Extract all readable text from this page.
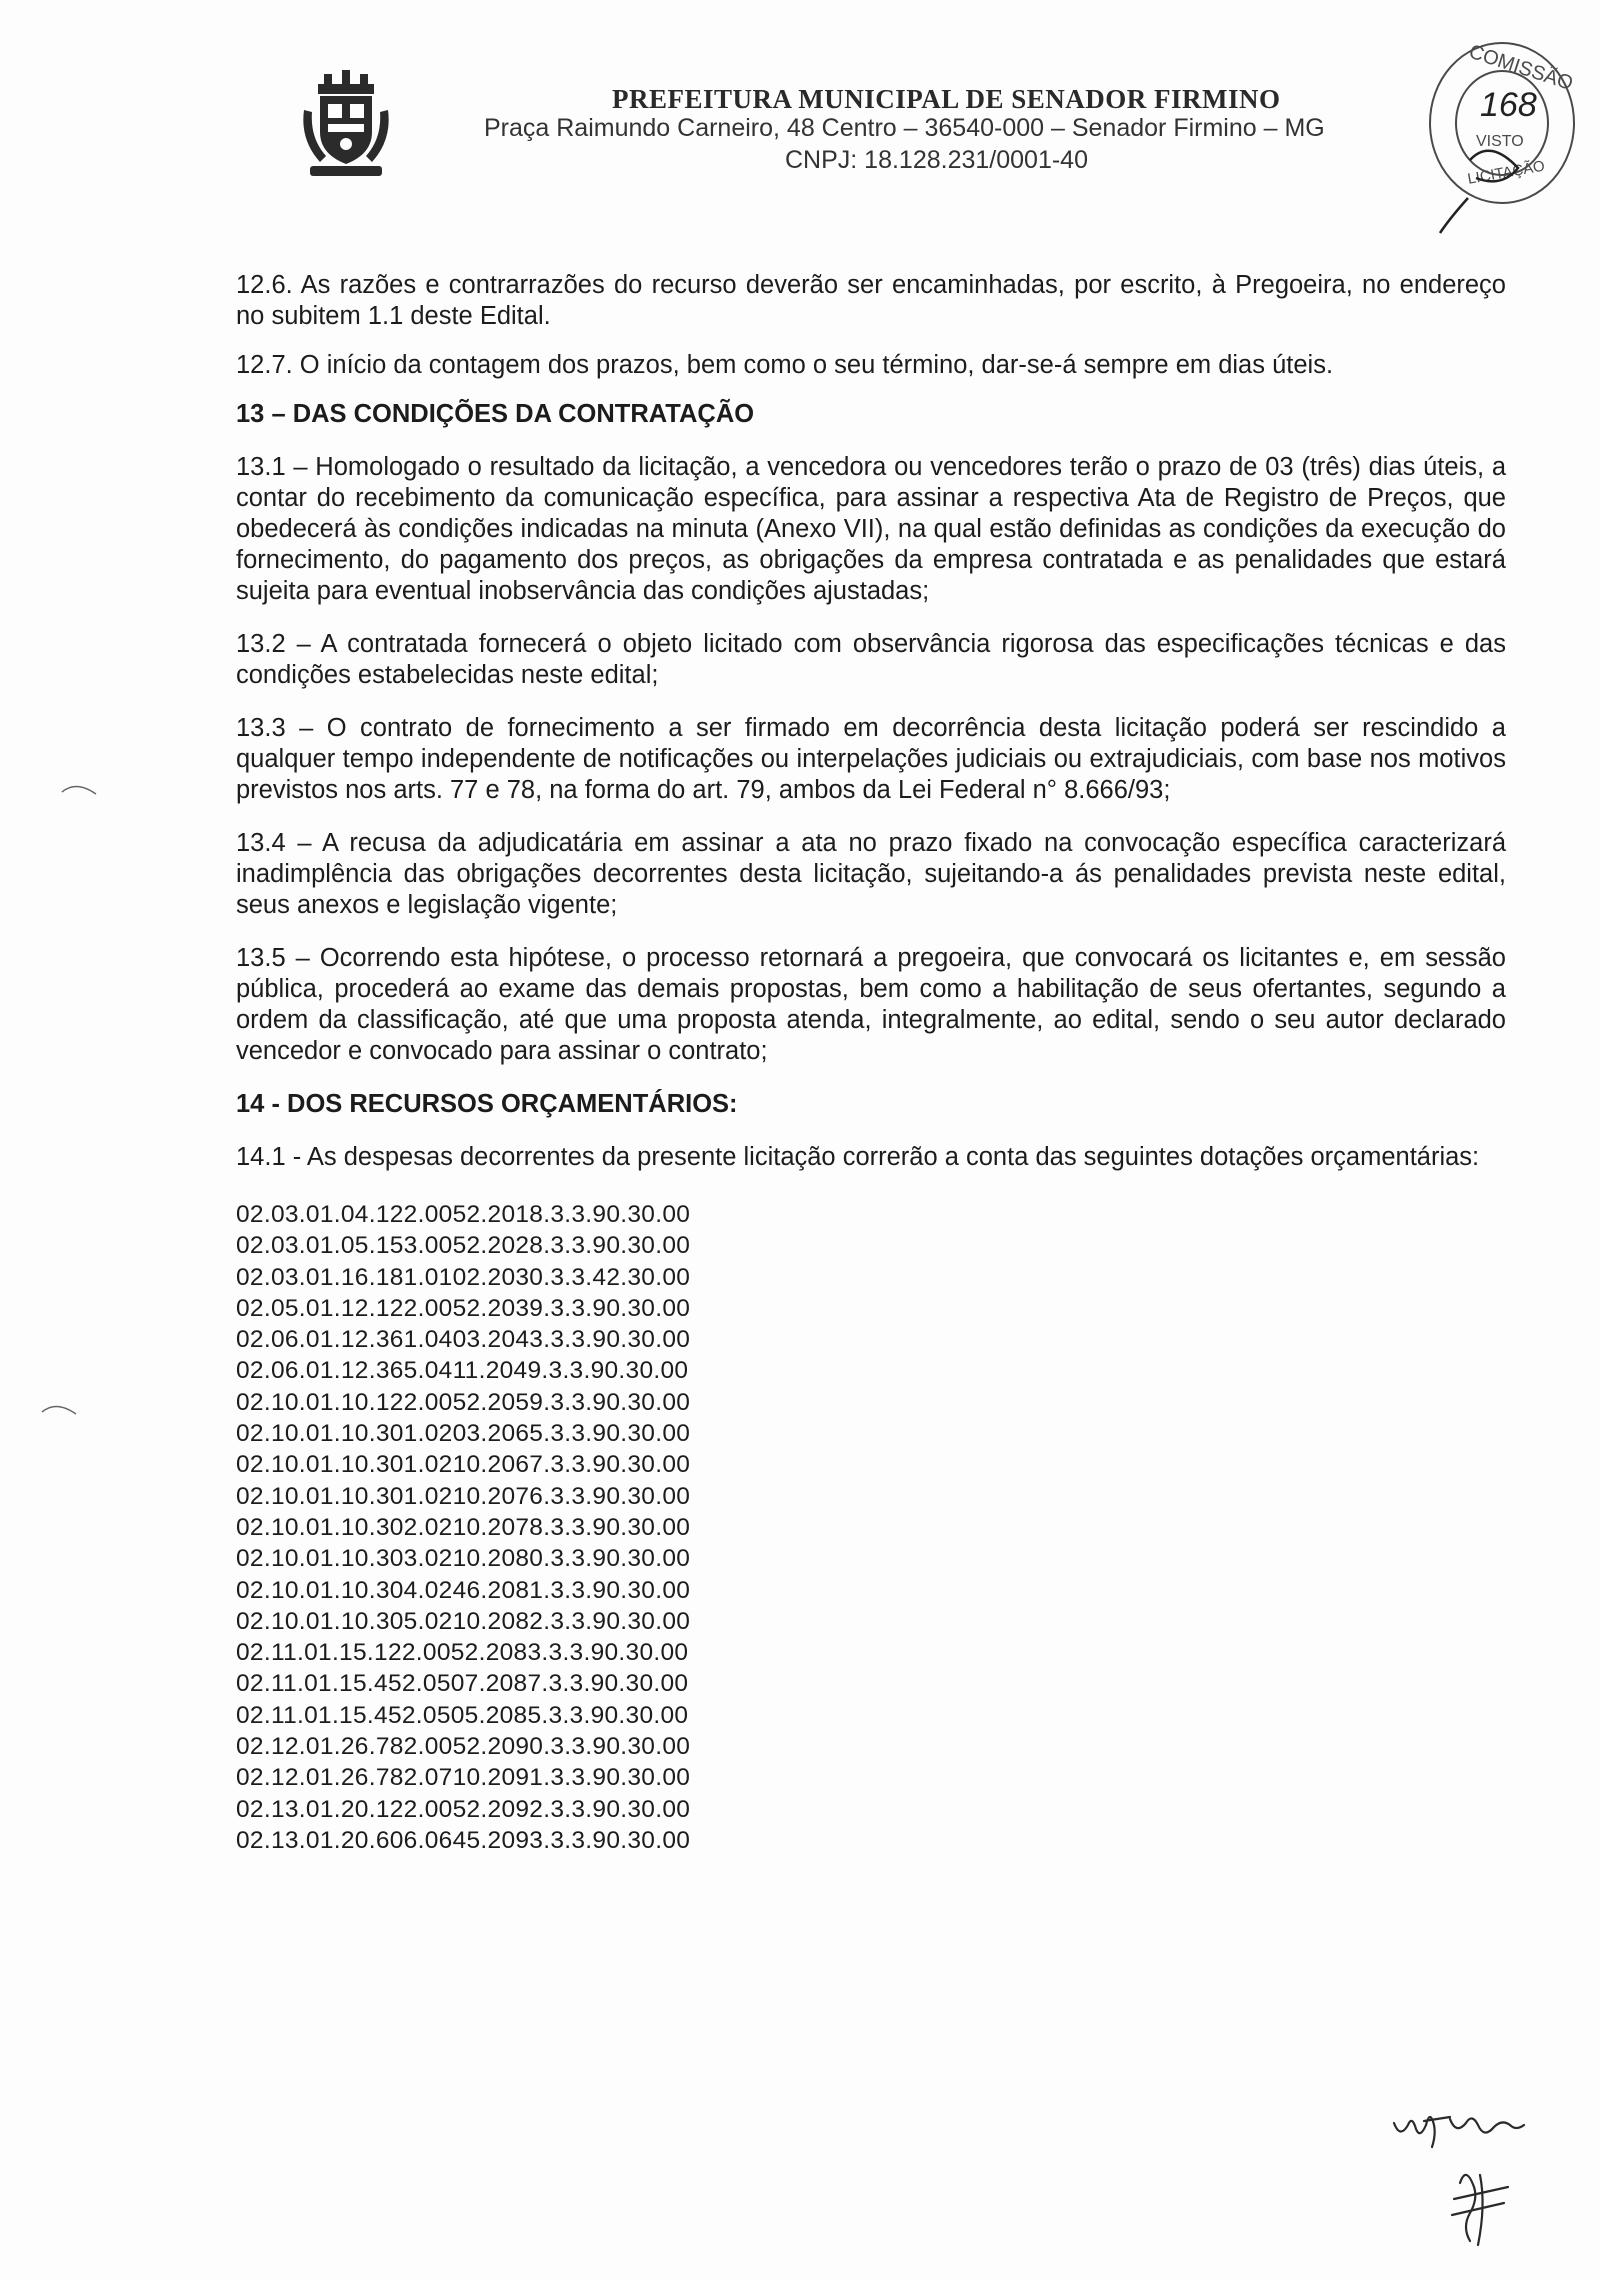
PREFEITURA MUNICIPAL DE SENADOR FIRMINO
Praça Raimundo Carneiro, 48 Centro – 36540-000 – Senador Firmino – MG
CNPJ: 18.128.231/0001-40
COMISSÃO
168
VISTO
LICITAÇÃO

12.6. As razões e contrarrazões do recurso deverão ser encaminhadas, por escrito, à Pregoeira, no endereço no subitem 1.1 deste Edital.

12.7. O início da contagem dos prazos, bem como o seu término, dar-se-á sempre em dias úteis.

13 – DAS CONDIÇÕES DA CONTRATAÇÃO

13.1 – Homologado o resultado da licitação, a vencedora ou vencedores terão o prazo de 03 (três) dias úteis, a contar do recebimento da comunicação específica, para assinar a respectiva Ata de Registro de Preços, que obedecerá às condições indicadas na minuta (Anexo VII), na qual estão definidas as condições da execução do fornecimento, do pagamento dos preços, as obrigações da empresa contratada e as penalidades que estará sujeita para eventual inobservância das condições ajustadas;

13.2 – A contratada fornecerá o objeto licitado com observância rigorosa das especificações técnicas e das condições estabelecidas neste edital;

13.3 – O contrato de fornecimento a ser firmado em decorrência desta licitação poderá ser rescindido a qualquer tempo independente de notificações ou interpelações judiciais ou extrajudiciais, com base nos motivos previstos nos arts. 77 e 78, na forma do art. 79, ambos da Lei Federal n° 8.666/93;

13.4 – A recusa da adjudicatária em assinar a ata no prazo fixado na convocação específica caracterizará inadimplência das obrigações decorrentes desta licitação, sujeitando-a ás penalidades prevista neste edital, seus anexos e legislação vigente;

13.5 – Ocorrendo esta hipótese, o processo retornará a pregoeira, que convocará os licitantes e, em sessão pública, procederá ao exame das demais propostas, bem como a habilitação de seus ofertantes, segundo a ordem da classificação, até que uma proposta atenda, integralmente, ao edital, sendo o seu autor declarado vencedor e convocado para assinar o contrato;

14 - DOS RECURSOS ORÇAMENTÁRIOS:

14.1 - As despesas decorrentes da presente licitação correrão a conta das seguintes dotações orçamentárias:

02.03.01.04.122.0052.2018.3.3.90.30.00
02.03.01.05.153.0052.2028.3.3.90.30.00
02.03.01.16.181.0102.2030.3.3.42.30.00
02.05.01.12.122.0052.2039.3.3.90.30.00
02.06.01.12.361.0403.2043.3.3.90.30.00
02.06.01.12.365.0411.2049.3.3.90.30.00
02.10.01.10.122.0052.2059.3.3.90.30.00
02.10.01.10.301.0203.2065.3.3.90.30.00
02.10.01.10.301.0210.2067.3.3.90.30.00
02.10.01.10.301.0210.2076.3.3.90.30.00
02.10.01.10.302.0210.2078.3.3.90.30.00
02.10.01.10.303.0210.2080.3.3.90.30.00
02.10.01.10.304.0246.2081.3.3.90.30.00
02.10.01.10.305.0210.2082.3.3.90.30.00
02.11.01.15.122.0052.2083.3.3.90.30.00
02.11.01.15.452.0507.2087.3.3.90.30.00
02.11.01.15.452.0505.2085.3.3.90.30.00
02.12.01.26.782.0052.2090.3.3.90.30.00
02.12.01.26.782.0710.2091.3.3.90.30.00
02.13.01.20.122.0052.2092.3.3.90.30.00
02.13.01.20.606.0645.2093.3.3.90.30.00
